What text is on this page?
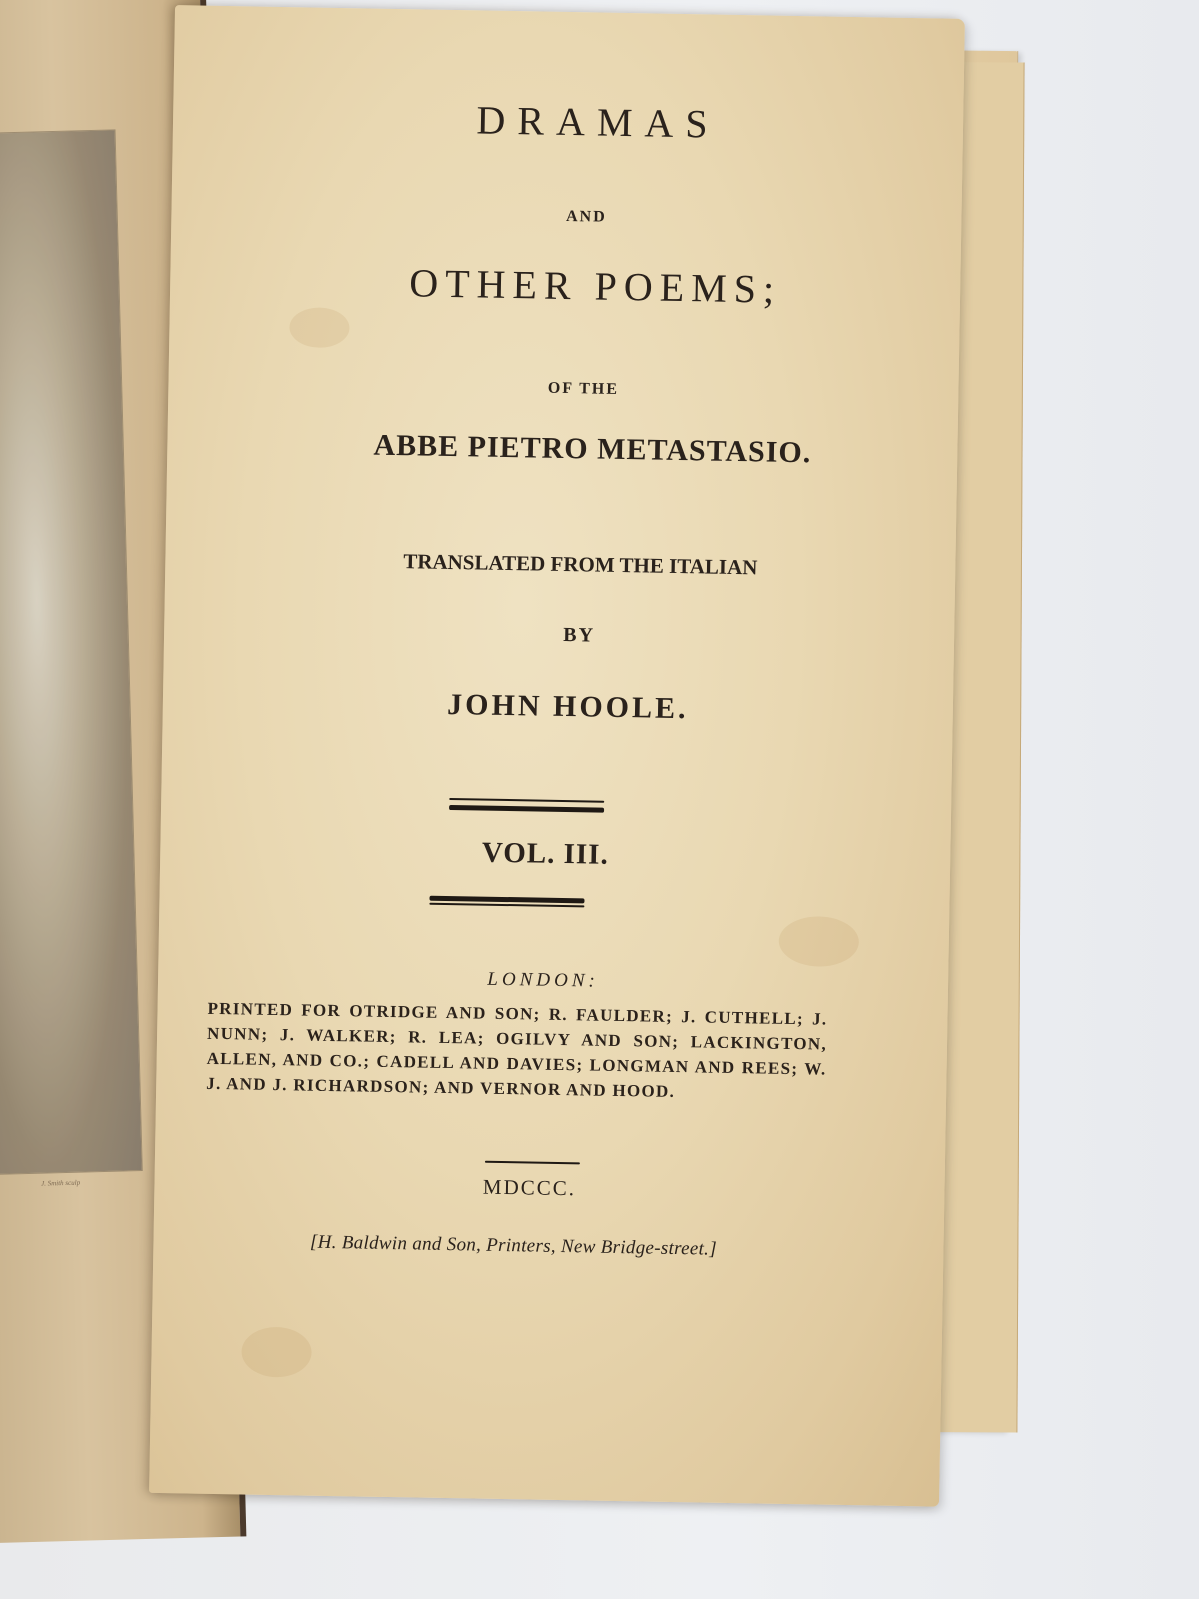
J. Smith sculp
DRAMAS
AND
OTHER POEMS;
OF THE
ABBE PIETRO METASTASIO.
TRANSLATED FROM THE ITALIAN
BY
JOHN HOOLE.
VOL. III.
LONDON:
PRINTED FOR OTRIDGE AND SON; R. FAULDER; J. CUTHELL; J. NUNN; J. WALKER; R. LEA; OGILVY AND SON; LACKINGTON, ALLEN, AND CO.; CADELL AND DAVIES; LONGMAN AND REES; W. J. AND J. RICHARDSON; AND VERNOR AND HOOD.
MDCCC.
[H. Baldwin and Son, Printers, New Bridge-street.]
